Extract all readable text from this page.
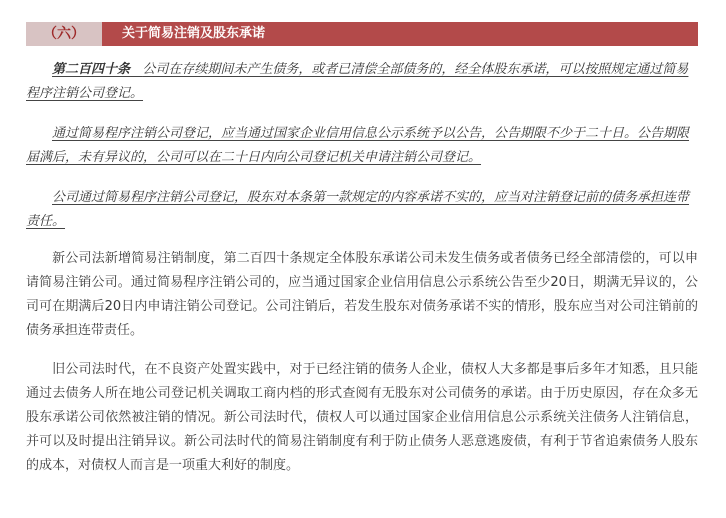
（六）	关于简易注销及股东承诺
第二百四十条 公司在存续期间未产生债务，或者已清偿全部债务的，经全体股东承诺，可以按照规定通过简易程序注销公司登记。
通过简易程序注销公司登记，应当通过国家企业信用信息公示系统予以公告，公告期限不少于二十日。公告期限届满后，未有异议的，公司可以在二十日内向公司登记机关申请注销公司登记。
公司通过简易程序注销公司登记，股东对本条第一款规定的内容承诺不实的，应当对注销登记前的债务承担连带责任。
新公司法新增简易注销制度，第二百四十条规定全体股东承诺公司未发生债务或者债务已经全部清偿的，可以申请简易注销公司。通过简易程序注销公司的，应当通过国家企业信用信息公示系统公告至少20日，期满无异议的，公司可在期满后20日内申请注销公司登记。公司注销后，若发生股东对债务承诺不实的情形，股东应当对公司注销前的债务承担连带责任。
旧公司法时代，在不良资产处置实践中，对于已经注销的债务人企业，债权人大多都是事后多年才知悉，且只能通过去债务人所在地公司登记机关调取工商内档的形式查阅有无股东对公司债务的承诺。由于历史原因，存在众多无股东承诺公司依然被注销的情况。新公司法时代，债权人可以通过国家企业信用信息公示系统关注债务人注销信息，并可以及时提出注销异议。新公司法时代的简易注销制度有利于防止债务人恶意逃废债，有利于节省追索债务人股东的成本，对债权人而言是一项重大利好的制度。
